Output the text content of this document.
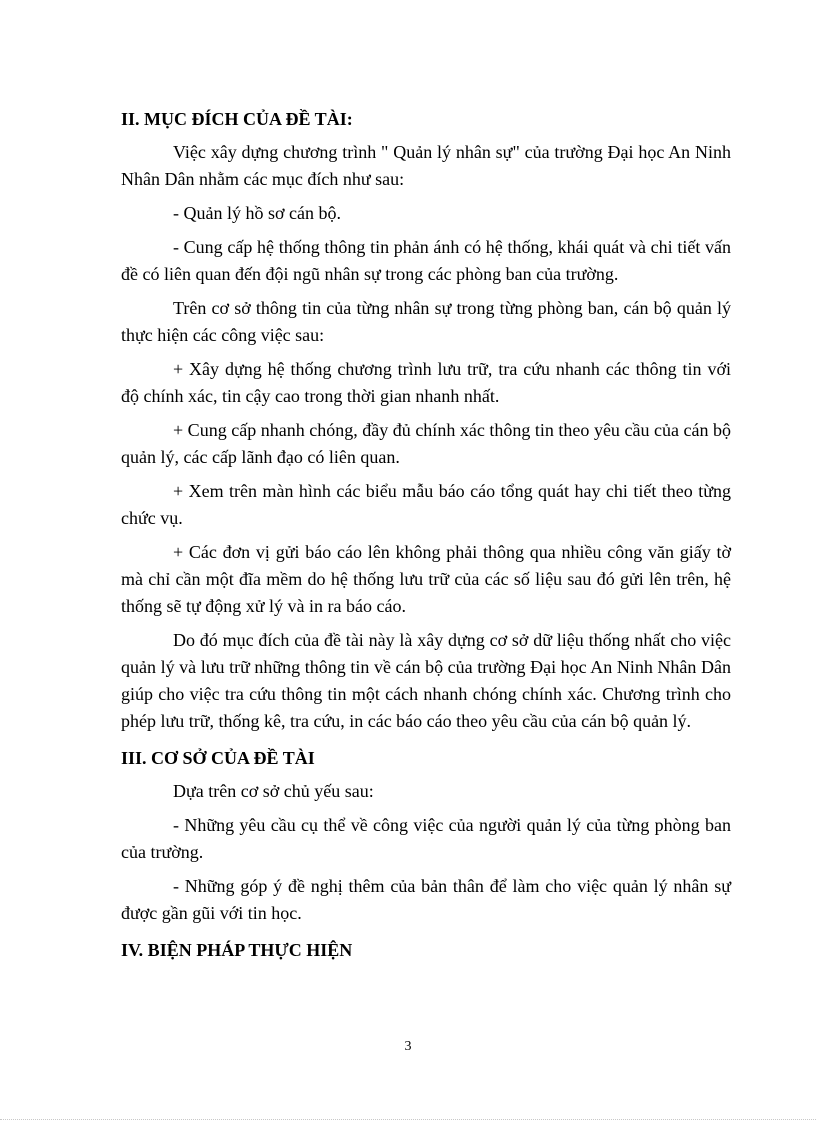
II. MỤC ĐÍCH CỦA ĐỀ TÀI:

Việc xây dựng chương trình " Quản lý nhân sự" của trường Đại học An Ninh Nhân Dân nhằm các mục đích như sau:

- Quản lý hồ sơ cán bộ.

- Cung cấp hệ thống thông tin phản ánh có hệ thống, khái quát và chi tiết vấn đề có liên quan đến đội ngũ nhân sự trong các phòng ban của trường.

Trên cơ sở thông tin của từng nhân sự trong từng phòng ban, cán bộ quản lý thực hiện các công việc sau:

+ Xây dựng hệ thống chương trình lưu trữ, tra cứu nhanh các thông tin với độ chính xác, tin cậy cao trong thời gian nhanh nhất.

+ Cung cấp nhanh chóng, đầy đủ chính xác thông tin theo yêu cầu của cán bộ quản lý, các cấp lãnh đạo có liên quan.

+ Xem trên màn hình các biểu mẫu báo cáo tổng quát hay chi tiết theo từng chức vụ.

+ Các đơn vị gửi báo cáo lên không phải thông qua nhiều công văn giấy tờ mà chỉ cần một đĩa mềm do hệ thống lưu trữ của các số liệu sau đó gửi lên trên, hệ thống sẽ tự động xử lý và in ra báo cáo.

Do đó mục đích của đề tài này là xây dựng cơ sở dữ liệu thống nhất cho việc quản lý và lưu trữ những thông tin về cán bộ của trường Đại học An Ninh Nhân Dân giúp cho việc tra cứu thông tin một cách nhanh chóng chính xác. Chương trình cho phép lưu trữ, thống kê, tra cứu, in các báo cáo theo yêu cầu của cán bộ quản lý.

III. CƠ SỞ CỦA ĐỀ TÀI

Dựa trên cơ sở chủ yếu sau:

- Những yêu cầu cụ thể về công việc của người quản lý của từng phòng ban của trường.

- Những góp ý đề nghị thêm của bản thân để làm cho việc quản lý nhân sự được gần gũi với tin học.

IV. BIỆN PHÁP THỰC HIỆN
3
